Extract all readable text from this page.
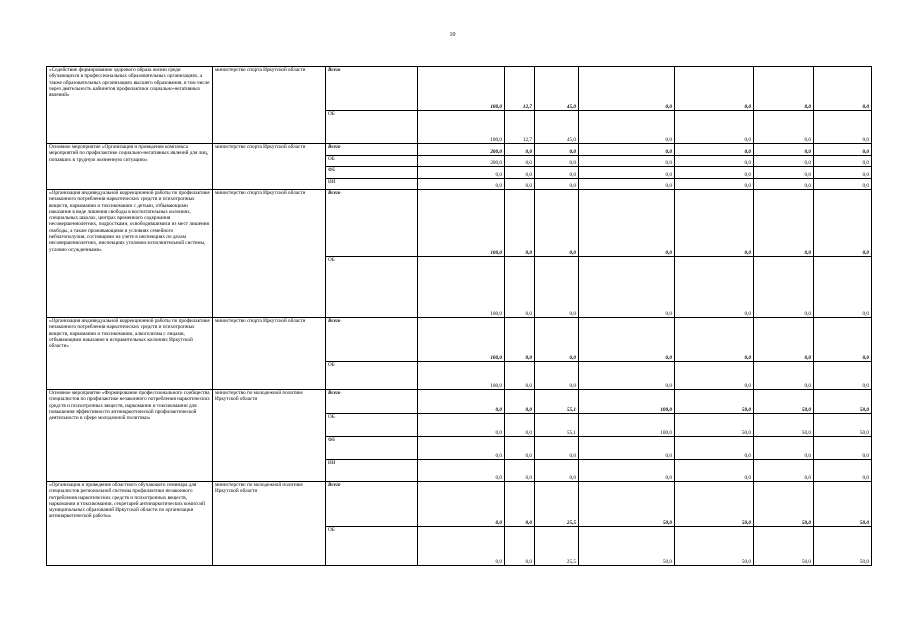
10
«Содействие формированию здорового образа жизни среди обучающихся в профессиональных образовательных организациях, а также образовательных организациях высшего образования, в том числе через деятельность кабинетов профилактики социально-негативных явлений»	министерство спорта Иркутской области	Всего	100,0	12,7	45,0	0,0	0,0	0,0	0,0
		ОБ	100,0	12,7	45,0	0,0	0,0	0,0	0,0
Основное мероприятие «Организация и проведение комплекса мероприятий по профилактике социально-негативных явлений для лиц, попавших в трудную жизненную ситуацию»	министерство спорта Иркутской области	Всего	200,0	0,0	0,0	0,0	0,0	0,0	0,0
		ОБ	200,0	0,0	0,0	0,0	0,0	0,0	0,0
		ФБ	0,0	0,0	0,0	0,0	0,0	0,0	0,0
		ИИ	0,0	0,0	0,0	0,0	0,0	0,0	0,0
«Организация индивидуальной коррекционной работы по профилактике незаконного потребления наркотических средств и психотропных веществ, наркомании и токсикомании с детьми, отбывающими наказание в виде лишения свободы в воспитательных колониях, специальных школах, центрах временного содержания несовершеннолетних, подростками, освободившимися из мест лишения свободы, а также проживающими в условиях семейного неблагополучия, состоящими на учете в инспекциях по делам несовершеннолетних, инспекциях уголовно-исполнительной системы, условно осужденными»	министерство спорта Иркутской области	Всего	100,0	0,0	0,0	0,0	0,0	0,0	0,0
		ОБ	100,0	0,0	0,0	0,0	0,0	0,0	0,0
«Организация индивидуальной коррекционной работы по профилактике незаконного потребления наркотических средств и психотропных веществ, наркомании и токсикомании, алкоголизма с лицами, отбывающими наказание в исправительных колониях Иркутской области»	министерство спорта Иркутской области	Всего	100,0	0,0	0,0	0,0	0,0	0,0	0,0
		ОБ	100,0	0,0	0,0	0,0	0,0	0,0	0,0
Основное мероприятие «Формирование профессионального сообщества специалистов по профилактике незаконного потребления наркотических средств и психотропных веществ, наркомании и токсикомании для повышения эффективности антинаркотической профилактической деятельности в сфере молодежной политики»	министерство по молодежной политике Иркутской области	Всего	0,0	0,0	55,1	100,0	50,0	50,0	50,0
		ОБ	0,0	0,0	55,1	100,0	50,0	50,0	50,0
		ФБ	0,0	0,0	0,0	0,0	0,0	0,0	0,0
		ИИ	0,0	0,0	0,0	0,0	0,0	0,0	0,0
«Организация и проведение областного обучающего семинара для специалистов региональной системы профилактики незаконного потребления наркотических средств и психотропных веществ, наркомании и токсикомании, секретарей антинаркотических комиссий муниципальных образований Иркутской области по организации антинаркотической работы»	министерство по молодежной политике Иркутской области	Всего	0,0	0,0	25,5	50,0	50,0	50,0	50,0
		ОБ	0,0	0,0	25,5	50,0	50,0	50,0	50,0
